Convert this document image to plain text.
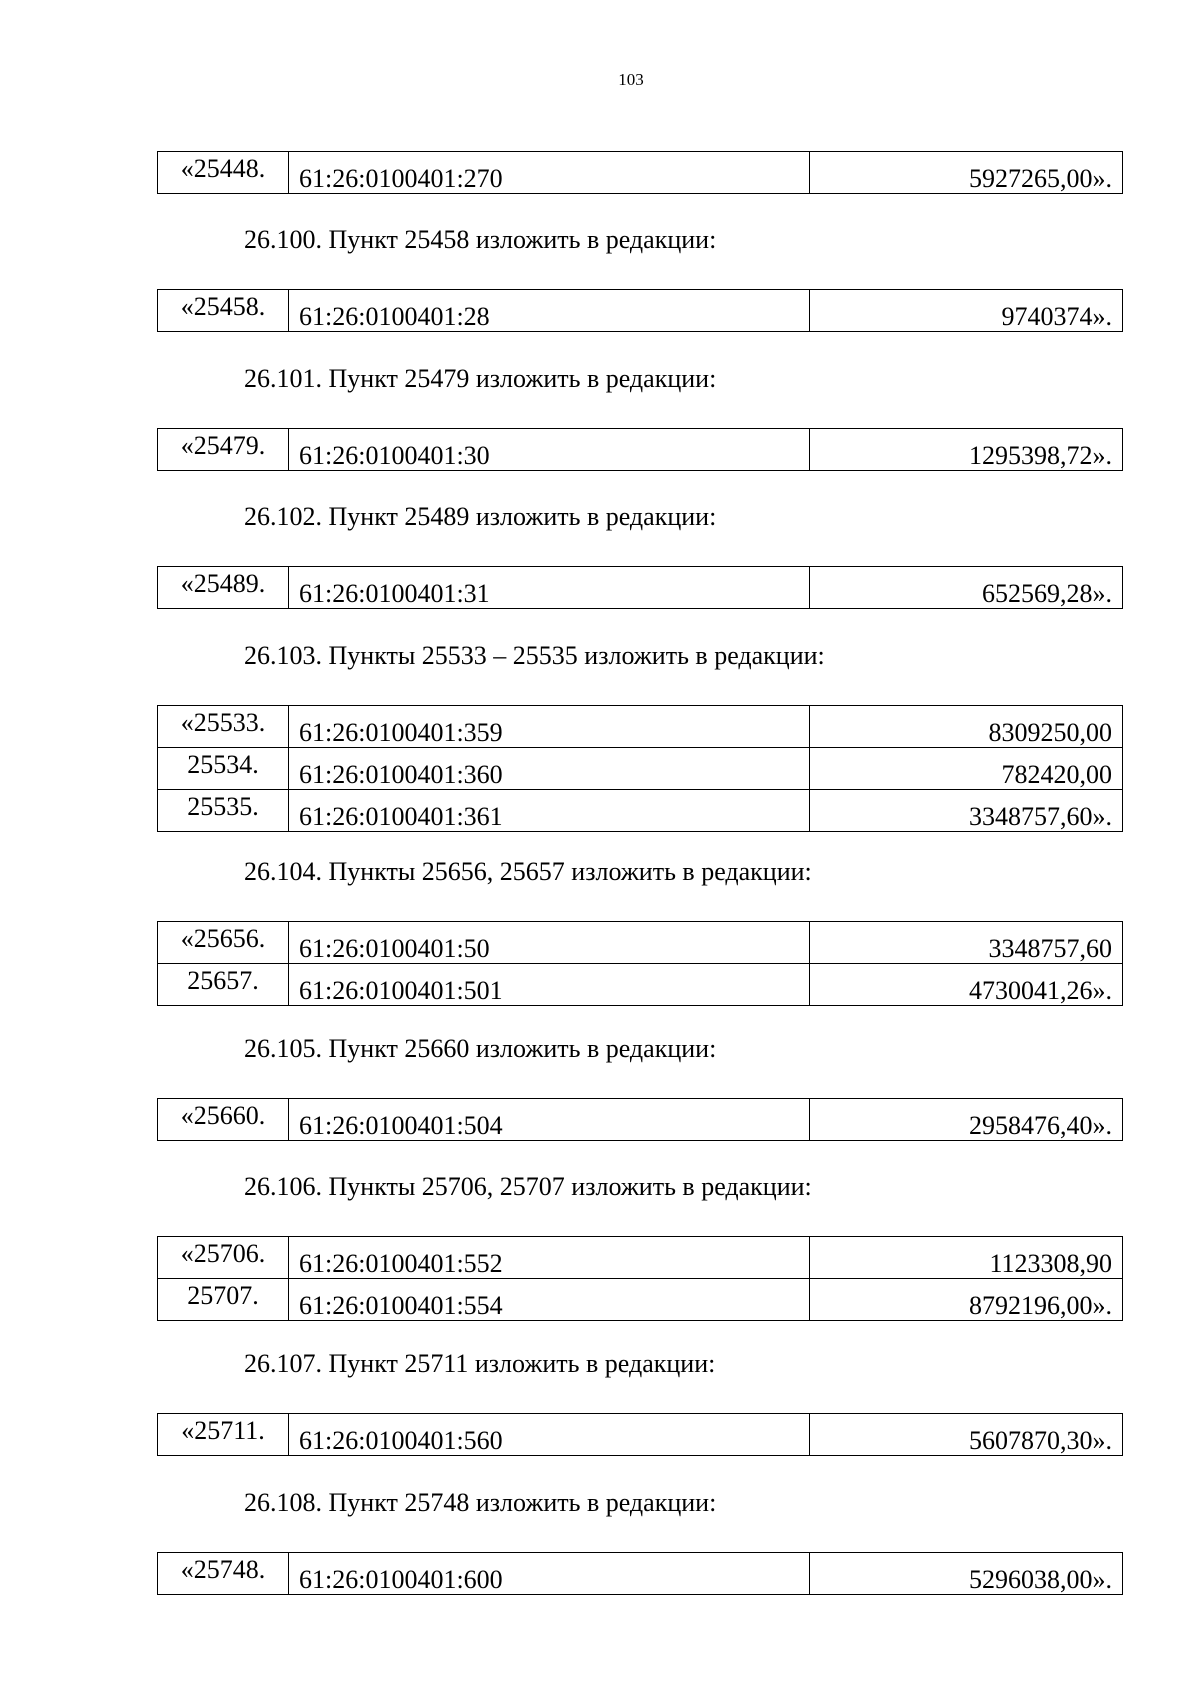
103
«25448.	61:26:0100401:270	5927265,00».
26.100. Пункт 25458 изложить в редакции:
«25458.	61:26:0100401:28	9740374».
26.101. Пункт 25479 изложить в редакции:
«25479.	61:26:0100401:30	1295398,72».
26.102. Пункт 25489 изложить в редакции:
«25489.	61:26:0100401:31	652569,28».
26.103. Пункты 25533 – 25535 изложить в редакции:
«25533.	61:26:0100401:359	8309250,00
25534.	61:26:0100401:360	782420,00
25535.	61:26:0100401:361	3348757,60».
26.104. Пункты 25656, 25657 изложить в редакции:
«25656.	61:26:0100401:50	3348757,60
25657.	61:26:0100401:501	4730041,26».
26.105. Пункт 25660 изложить в редакции:
«25660.	61:26:0100401:504	2958476,40».
26.106. Пункты 25706, 25707 изложить в редакции:
«25706.	61:26:0100401:552	1123308,90
25707.	61:26:0100401:554	8792196,00».
26.107. Пункт 25711 изложить в редакции:
«25711.	61:26:0100401:560	5607870,30».
26.108. Пункт 25748 изложить в редакции:
«25748.	61:26:0100401:600	5296038,00».
